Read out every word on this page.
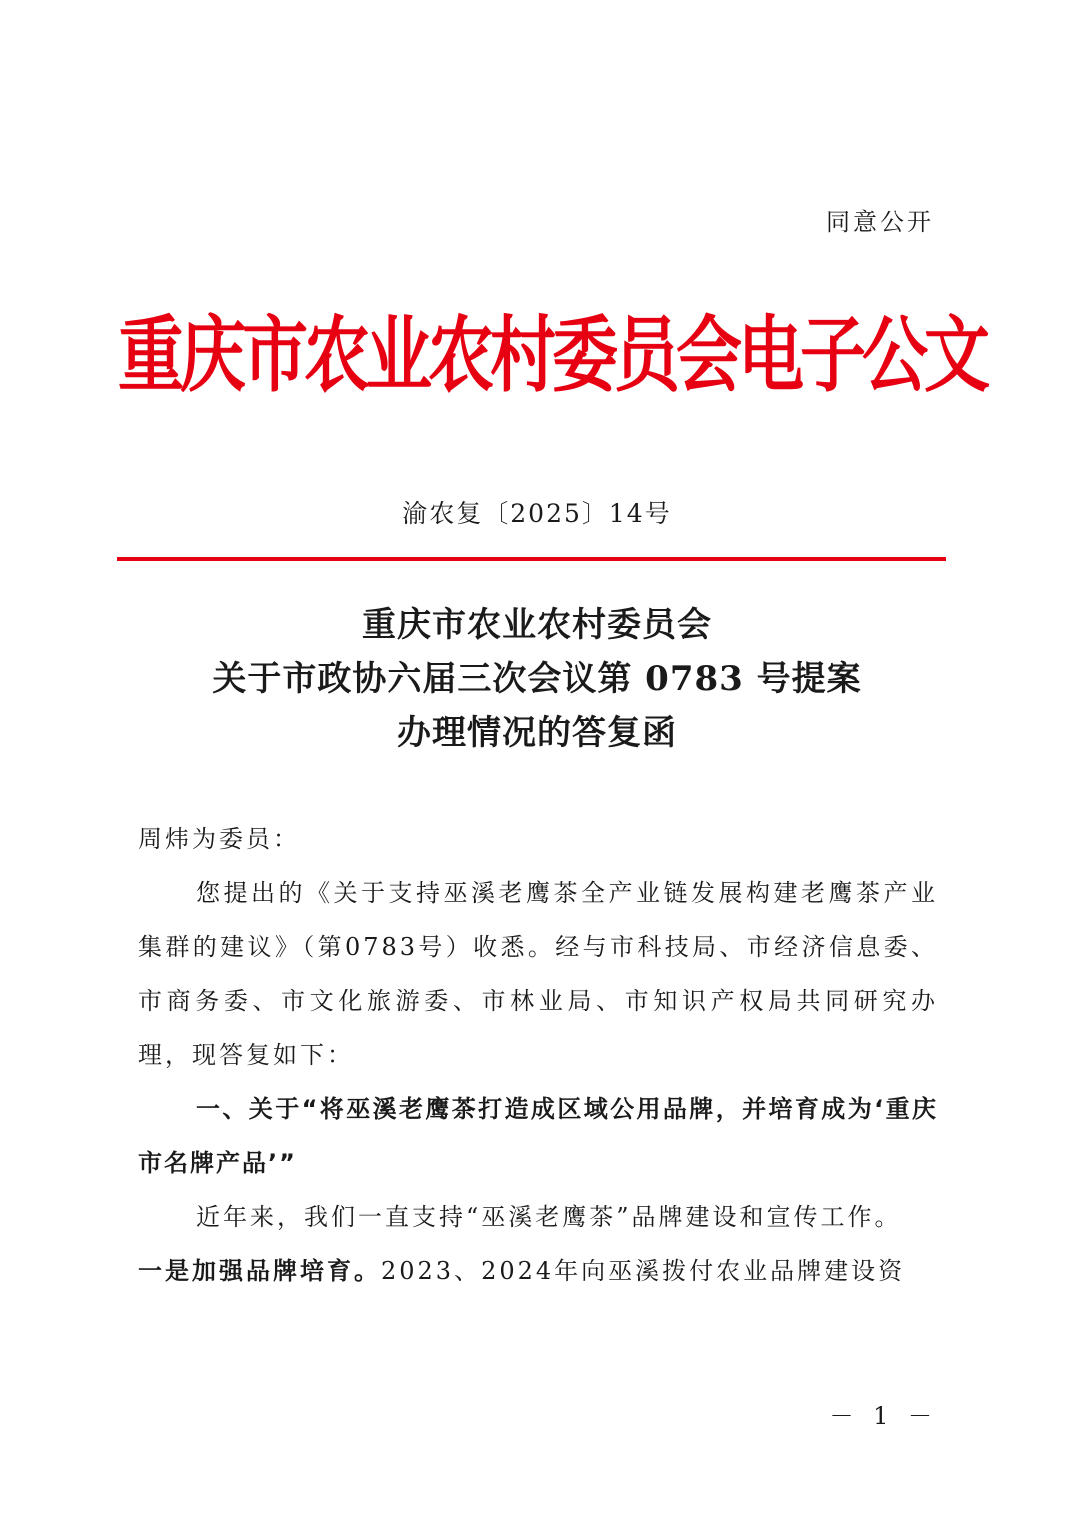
同意公开
重庆市农业农村委员会电子公文
渝农复〔2025〕14号
重庆市农业农村委员会
关于市政协六届三次会议第 0783 号提案
办理情况的答复函

周炜为委员：

您提出的《关于支持巫溪老鹰茶全产业链发展构建老鹰茶产业集群的建议》（第0783号）收悉。经与市科技局、市经济信息委、市商务委、市文化旅游委、市林业局、市知识产权局共同研究办理，现答复如下：

一、关于“将巫溪老鹰茶打造成区域公用品牌，并培育成为‘重庆市名牌产品’”

近年来，我们一直支持“巫溪老鹰茶”品牌建设和宣传工作。

一是加强品牌培育。2023、2024年向巫溪拨付农业品牌建设资

－ 1 －
